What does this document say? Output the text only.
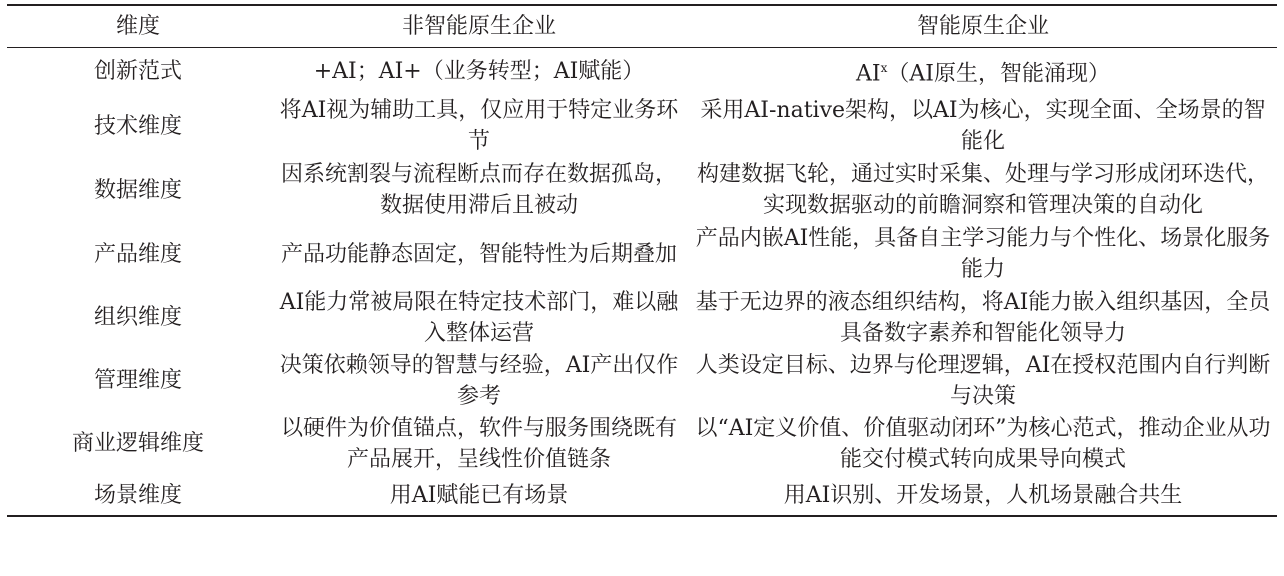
维度	非智能原生企业	智能原生企业
创新范式	+AI；AI+（业务转型；AI赋能）	$AI^x(AI$原生，智能涌现）
技术维度	将AI视为辅助工具，仅应用于特定业务环节	采用AI-native架构，以AI为核心，实现全面、全场景的智能化
数据维度	因系统割裂与流程断点而存在数据孤岛，数据使用滞后且被动	构建数据飞轮，通过实时采集、处理与学习形成闭环迭代，实现数据驱动的前瞻洞察和管理决策的自动化
产品维度	产品功能静态固定，智能特性为后期叠加	产品内嵌AI性能，具备自主学习能力与个性化、场景化服务能力
组织维度	AI能力常被局限在特定技术部门，难以融入整体运营	基于无边界的液态组织结构，将AI能力嵌入组织基因，全员具备数字素养和智能化领导力
管理维度	决策依赖领导的智慧与经验，AI产出仅作参考	人类设定目标、边界与伦理逻辑，AI在授权范围内自行判断与决策
商业逻辑维度	以硬件为价值锚点，软件与服务围绕既有产品展开，呈线性价值链条	以“AI定义价值、价值驱动闭环”为核心范式，推动企业从功能交付模式转向成果导向模式
场景维度	用AI赋能已有场景	用AI识别、开发场景，人机场景融合共生
